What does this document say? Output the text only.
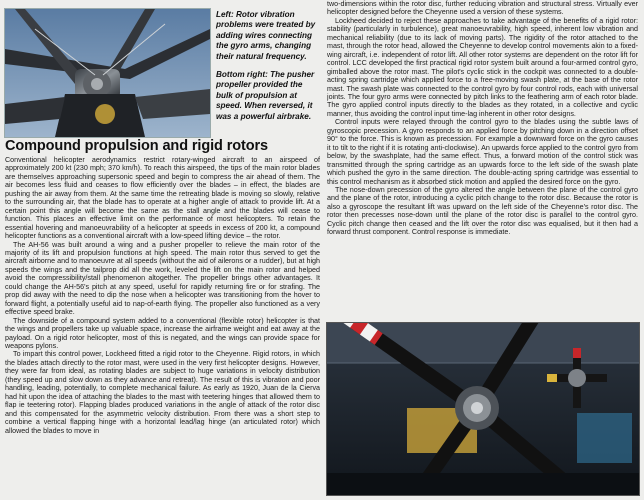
Left: Rotor vibration problems were treated by adding wires connecting the gyro arms, changing their natural frequency.

Bottom right: The pusher propeller provided the bulk of propulsion at speed. When reversed, it was a powerful airbrake.

Compound propulsion and rigid rotors

Conventional helicopter aerodynamics restrict rotary-winged aircraft to an airspeed of approximately 200 kt (230 mph; 370 km/h). To reach this airspeed, the tips of the main rotor blades are themselves approaching supersonic speed and begin to compress the air ahead of them. The air becomes less fluid and ceases to flow efficiently over the blades – in effect, the blades are pushing the air away from them. At the same time the retreating blade is moving so slowly, relative to the surrounding air, that the blade has to operate at a higher angle of attack to provide lift. At a certain point this angle will become the same as the stall angle and the blades will cease to function. This places an effective limit on the performance of most helicopters. To retain the essential hovering and manoeuvrability of a helicopter at speeds in excess of 200 kt, a compound helicopter functions as a conventional aircraft with a low-speed lifting device – the rotor.

The AH-56 was built around a wing and a pusher propeller to relieve the main rotor of the majority of its lift and propulsion functions at high speed. The main rotor thus served to get the aircraft airborne and to manoeuvre at all speeds (without the aid of ailerons or a rudder), but at high speeds the wings and the tailprop did all the work, leveled the lift on the main rotor and helped avoid the compressibility/stall phenomenon altogether. The propeller brings other advantages. It could change the AH-56's pitch at any speed, useful for rapidly returning fire or for strafing. The prop did away with the need to dip the nose when a helicopter was transitioning from the hover to forward flight, a potentially useful aid to nap-of-earth flying. The propeller also functioned as a very effective speed brake.

The downside of a compound system added to a conventional (flexible rotor) helicopter is that the wings and propellers take up valuable space, increase the airframe weight and eat away at the payload. On a rigid rotor helicopter, most of this is negated, and the wings can provide space for weapons pylons.

To impart this control power, Lockheed fitted a rigid rotor to the Cheyenne. Rigid rotors, in which the blades attach directly to the rotor mast, were used in the very first helicopter designs. However, they were far from ideal, as rotating blades are subject to huge variations in velocity distribution (they speed up and slow down as they advance and retreat). The result of this is vibration and poor handling, leading, potentially, to complete mechanical failure. As early as 1920, Juan de la Cierva had hit upon the idea of attaching the blades to the mast with teetering hinges that allowed them to flap ie teetering rotor). Flapping blades produced variations in the angle of attack of the rotor disc and this compensated for the asymmetric velocity distribution. From there was a short step to combine a vertical flapping hinge with a horizontal lead/lag hinge (an articulated rotor) which allowed the blades to move in

two-dimensions within the rotor disc, further reducing vibration and structural stress. Virtually ever helicopter designed before the Cheyenne used a version of these systems.

Lockheed decided to reject these approaches to take advantage of the benefits of a rigid rotor: stability (particularly in turbulence), great manoeuvrability, high speed, inherent low vibration and mechanical reliability (due to its lack of moving parts). The rigidity of the rotor attached to the mast, through the rotor head, allowed the Cheyenne to develop control movements akin to a fixed-wing aircraft, i.e. independent of rotor lift. All other rotor systems are dependent on the rotor lift for control. LCC developed the first practical rigid rotor system built around a four-armed control gyro, gimballed above the rotor mast. The pilot's cyclic stick in the cockpit was connected to a double-acting spring cartridge which applied force to a free-moving swash plate, at the base of the rotor mast. The swash plate was connected to the control gyro by four control rods, each with universal joints. The four gyro arms were connected by pitch links to the feathering arm of each rotor blade. The gyro applied control inputs directly to the blades as they rotated, in a collective and cyclic manner, thus avoiding the control input time-lag inherent in other rotor designs.

Control inputs were relayed through the control gyro to the blades using the subtle laws of gyroscopic precession. A gyro responds to an applied force by pitching down in a direction offset 90° to the force. This is known as precession. For example a downward force on the gyro causes it to tilt to the right if it is rotating anti-clockwise). An upwards force applied to the control gyro from below, by the swashplate, had the same effect. Thus, a forward motion of the control stick was transmitted through the spring cartridge as an upwards force to the left side of the swash plate which pushed the gyro in the same direction. The double-acting spring cartridge was essential to this control mechanism as it absorbed stick motion and applied the desired force on the gyro.

The nose-down precession of the gyro altered the angle between the plane of the control gyro and the plane of the rotor, introducing a cyclic pitch change to the rotor disc. Because the rotor is also a gyroscope the resultant lift was upward on the left side of the Cheyenne's rotor disc. The rotor then precesses nose-down until the plane of the rotor disc is parallel to the control gyro. Cyclic pitch change then ceased and the lift over the rotor disc was equalised, but it then had a forward thrust component. Control response is immediate.
